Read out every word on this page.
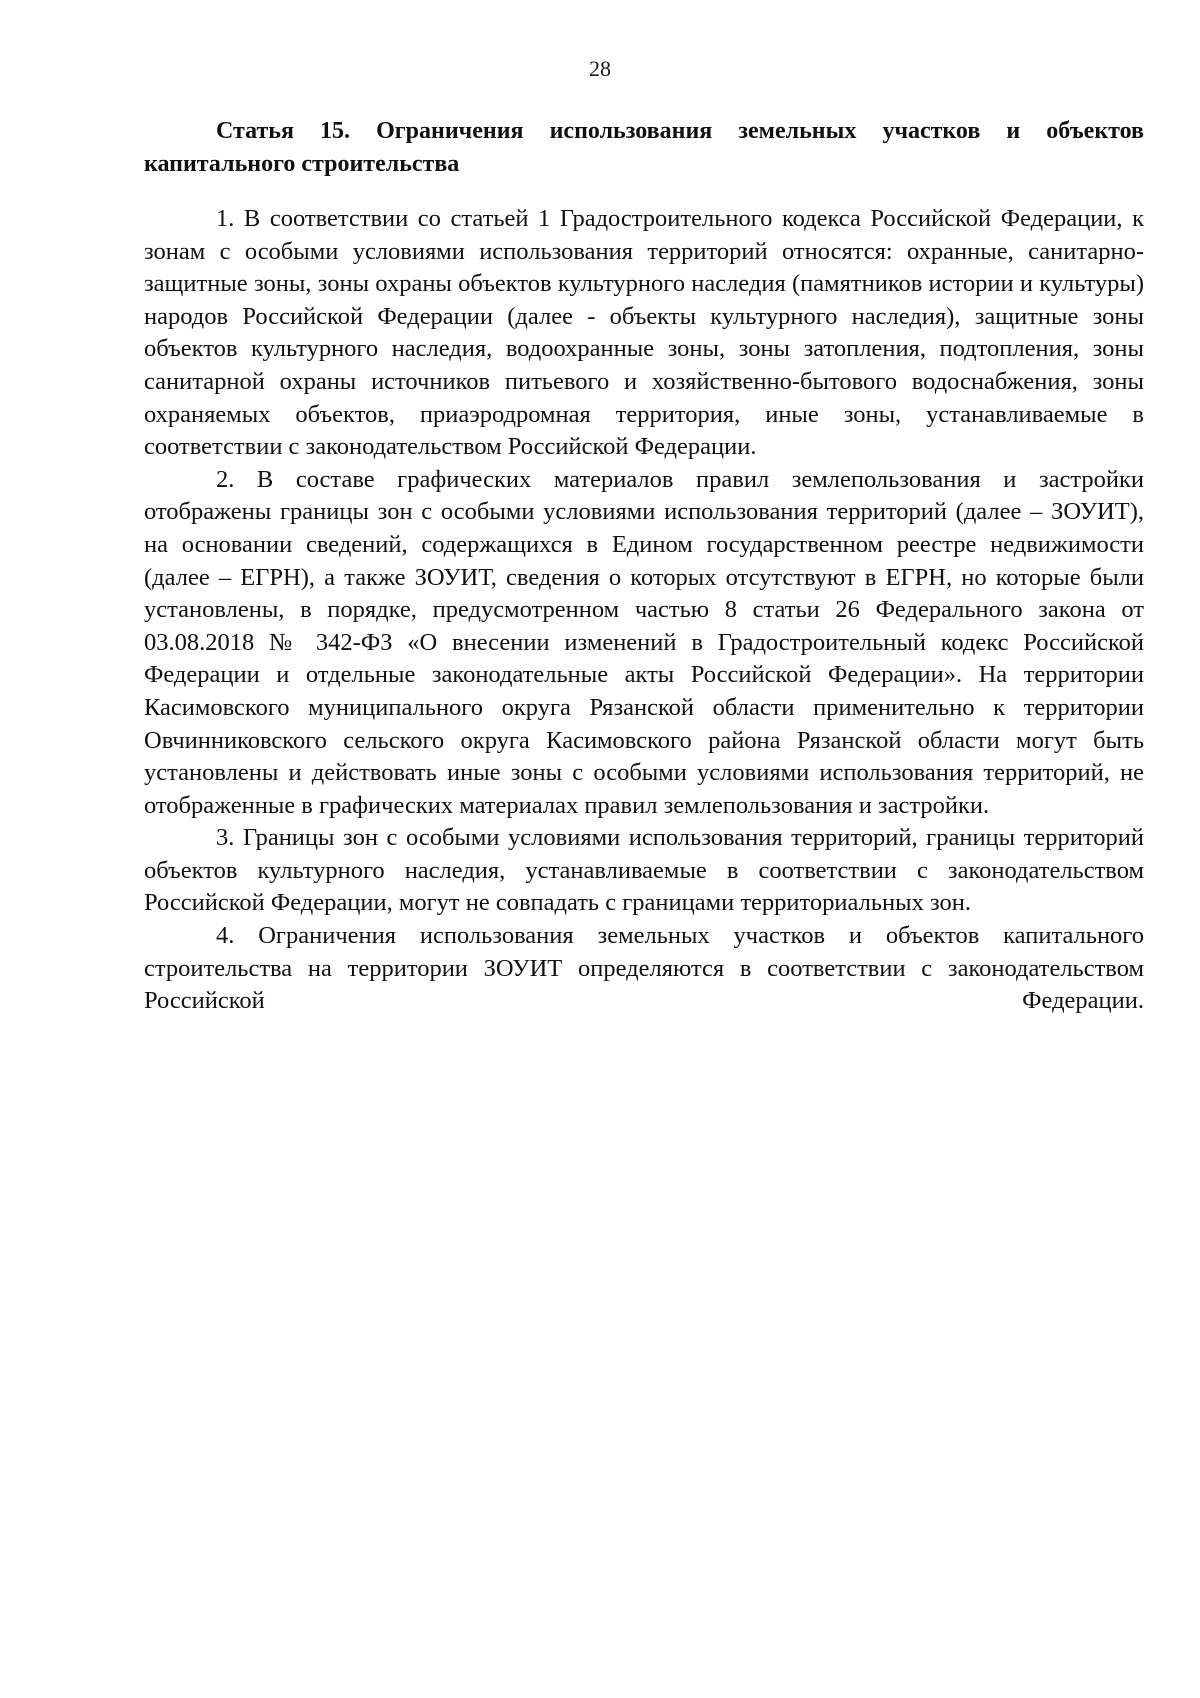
28

Статья 15. Ограничения использования земельных участков и объектов капитального строительства

1. В соответствии со статьей 1 Градостроительного кодекса Российской Федерации, к зонам с особыми условиями использования территорий относятся: охранные, санитарно-защитные зоны, зоны охраны объектов культурного наследия (памятников истории и культуры) народов Российской Федерации (далее - объекты культурного наследия), защитные зоны объектов культурного наследия, водоохранные зоны, зоны затопления, подтопления, зоны санитарной охраны источников питьевого и хозяйственно-бытового водоснабжения, зоны охраняемых объектов, приаэродромная территория, иные зоны, устанавливаемые в соответствии с законодательством Российской Федерации.

2. В составе графических материалов правил землепользования и застройки отображены границы зон с особыми условиями использования территорий (далее – ЗОУИТ), на основании сведений, содержащихся в Едином государственном реестре недвижимости (далее – ЕГРН), а также ЗОУИТ, сведения о которых отсутствуют в ЕГРН, но которые были установлены, в порядке, предусмотренном частью 8 статьи 26 Федерального закона от 03.08.2018 № 342-ФЗ «О внесении изменений в Градостроительный кодекс Российской Федерации и отдельные законодательные акты Российской Федерации». На территории Касимовского муниципального округа Рязанской области применительно к территории Овчинниковского сельского округа Касимовского района Рязанской области могут быть установлены и действовать иные зоны с особыми условиями использования территорий, не отображенные в графических материалах правил землепользования и застройки.

3. Границы зон с особыми условиями использования территорий, границы территорий объектов культурного наследия, устанавливаемые в соответствии с законодательством Российской Федерации, могут не совпадать с границами территориальных зон.

4. Ограничения использования земельных участков и объектов капитального строительства на территории ЗОУИТ определяются в соответствии с законодательством Российской Федерации.
